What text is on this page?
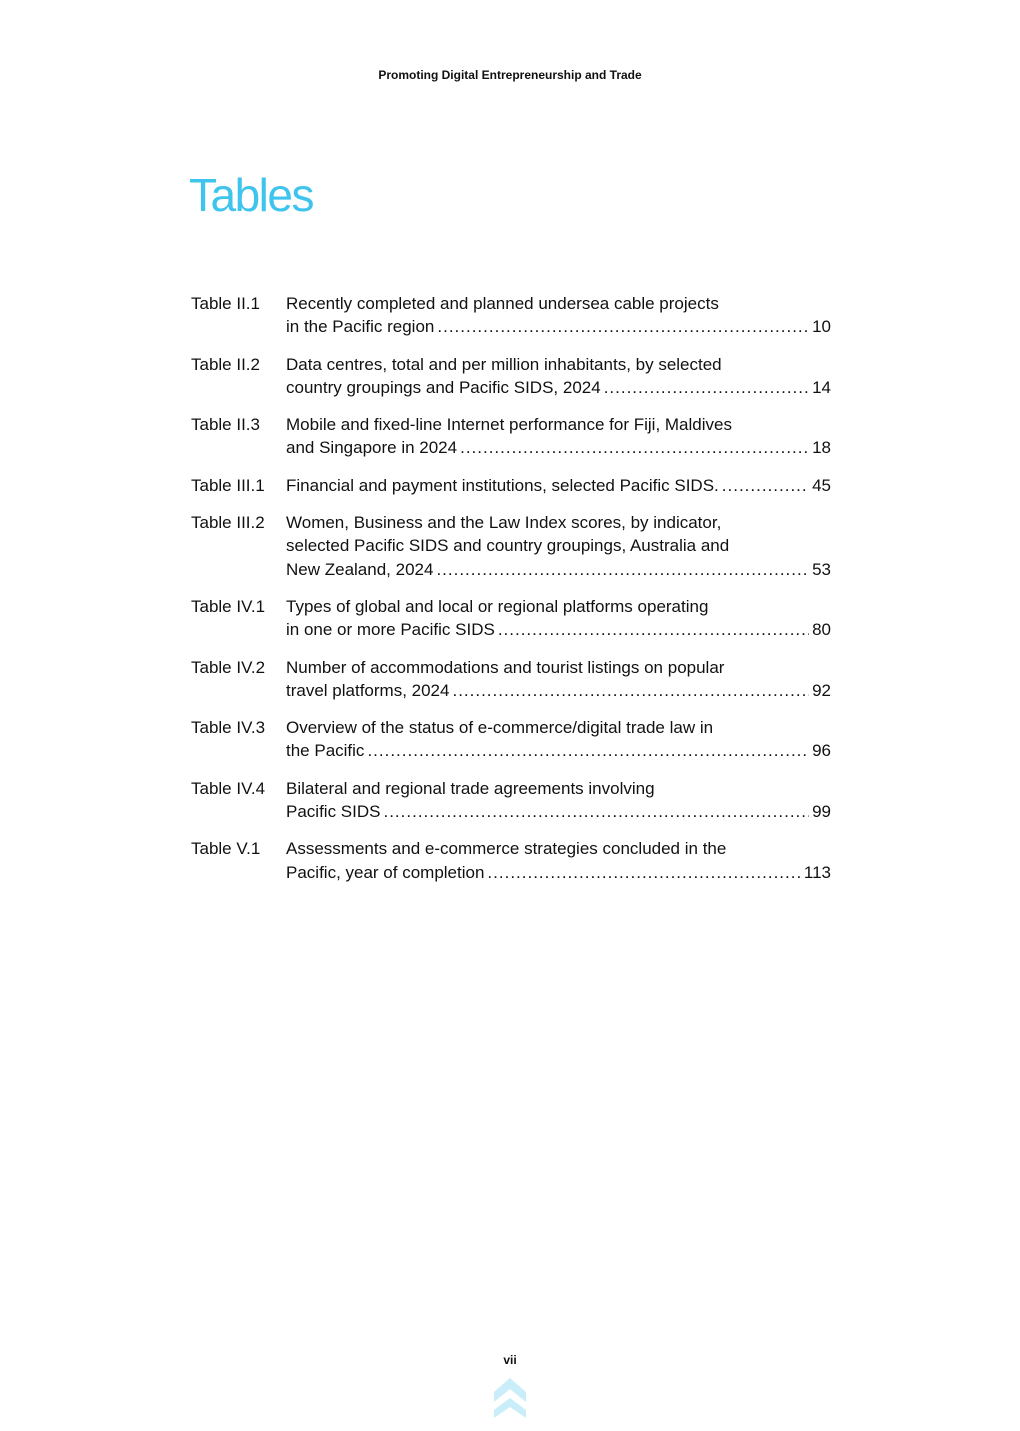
Promoting Digital Entrepreneurship and Trade
Tables
Table II.1	Recently completed and planned undersea cable projects
in the Pacific region .....	10
Table II.2	Data centres, total and per million inhabitants, by selected
country groupings and Pacific SIDS, 2024 .....	14
Table II.3	Mobile and fixed-line Internet performance for Fiji, Maldives
and Singapore in 2024 .....	18
Table III.1	Financial and payment institutions, selected Pacific SIDS. .....	45
Table III.2	Women, Business and the Law Index scores, by indicator,
selected Pacific SIDS and country groupings, Australia and
New Zealand, 2024 .....	53
Table IV.1	Types of global and local or regional platforms operating
in one or more Pacific SIDS .....	80
Table IV.2	Number of accommodations and tourist listings on popular
travel platforms, 2024 .....	92
Table IV.3	Overview of the status of e-commerce/digital trade law in
the Pacific .....	96
Table IV.4	Bilateral and regional trade agreements involving
Pacific SIDS .....	99
Table V.1	Assessments and e-commerce strategies concluded in the
Pacific, year of completion .....	113
vii
